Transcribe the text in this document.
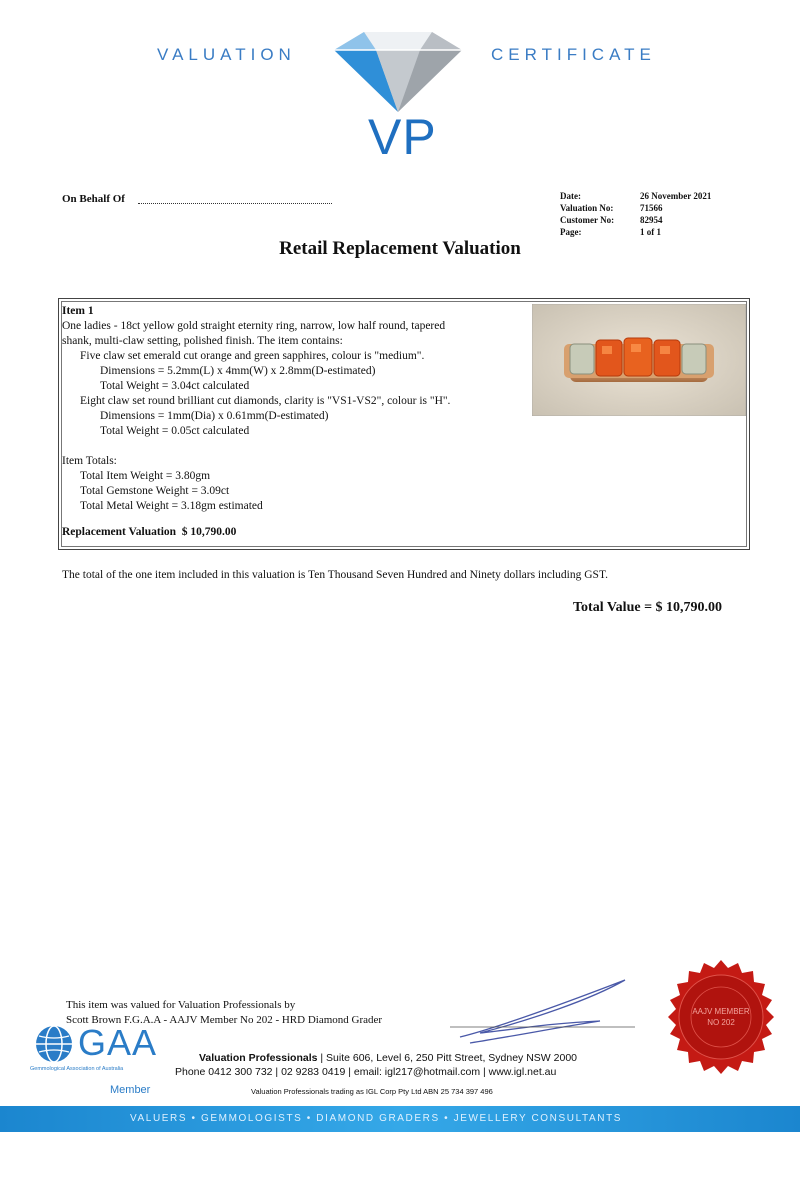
VALUATION	CERTIFICATE
VP
On Behalf Of	Date:
Valuation No:
Customer No:
Page:
26 November 2021
71566
82954
1 of 1
Retail Replacement Valuation
Item 1
One ladies - 18ct yellow gold straight eternity ring, narrow, low half round, tapered
shank, multi-claw setting, polished finish. The item contains:
Five claw set emerald cut orange and green sapphires, colour is "medium".
Dimensions = 5.2mm(L) x 4mm(W) x 2.8mm(D-estimated)
Total Weight = 3.04ct calculated
Eight claw set round brilliant cut diamonds, clarity is "VS1-VS2", colour is "H".
Dimensions = 1mm(Dia) x 0.61mm(D-estimated)
Total Weight = 0.05ct calculated
Item Totals:
Total Item Weight = 3.80gm
Total Gemstone Weight = 3.09ct
Total Metal Weight = 3.18gm estimated
Replacement Valuation $ 10,790.00
The total of the one item included in this valuation is Ten Thousand Seven Hundred and Ninety dollars including GST.
Total Value = $ 10,790.00
This item was valued for Valuation Professionals by
Scott Brown F.G.A.A - AAJV Member No 202 - HRD Diamond Grader
GAA
Gemmological Association of Australia
Member
Valuation Professionals | Suite 606, Level 6, 250 Pitt Street, Sydney NSW 2000
Phone 0412 300 732 | 02 9283 0419 | email: igl217@hotmail.com | www.igl.net.au
Valuation Professionals trading as IGL Corp Pty Ltd ABN 25 734 397 496
VALUERS • GEMMOLOGISTS • DIAMOND GRADERS • JEWELLERY CONSULTANTS
AAJV MEMBER NO 202
